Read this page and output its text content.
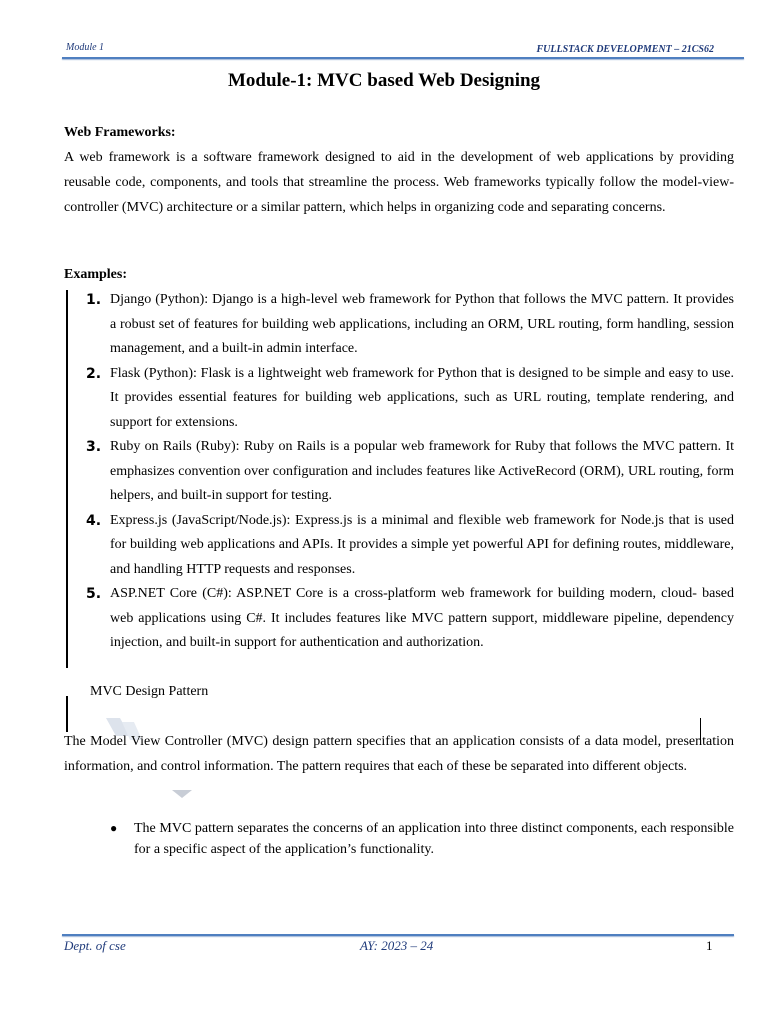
Module 1	FULLSTACK DEVELOPMENT – 21CS62
Module-1: MVC based Web Designing
Web Frameworks:
A web framework is a software framework designed to aid in the development of web applications by providing reusable code, components, and tools that streamline the process. Web frameworks typically follow the model-view-controller (MVC) architecture or a similar pattern, which helps in organizing code and separating concerns.
Examples:
1. Django (Python): Django is a high-level web framework for Python that follows the MVC pattern. It provides a robust set of features for building web applications, including an ORM, URL routing, form handling, session management, and a built-in admin interface.
2. Flask (Python): Flask is a lightweight web framework for Python that is designed to be simple and easy to use. It provides essential features for building web applications, such as URL routing, template rendering, and support for extensions.
3. Ruby on Rails (Ruby): Ruby on Rails is a popular web framework for Ruby that follows the MVC pattern. It emphasizes convention over configuration and includes features like ActiveRecord (ORM), URL routing, form helpers, and built-in support for testing.
4. Express.js (JavaScript/Node.js): Express.js is a minimal and flexible web framework for Node.js that is used for building web applications and APIs. It provides a simple yet powerful API for defining routes, middleware, and handling HTTP requests and responses.
5. ASP.NET Core (C#): ASP.NET Core is a cross-platform web framework for building modern, cloud- based web applications using C#. It includes features like MVC pattern support, middleware pipeline, dependency injection, and built-in support for authentication and authorization.
MVC Design Pattern
The Model View Controller (MVC) design pattern specifies that an application consists of a data model, presentation information, and control information. The pattern requires that each of these be separated into different objects.
●	The MVC pattern separates the concerns of an application into three distinct components, each responsible for a specific aspect of the application’s functionality.
Dept. of cse	AY: 2023 – 24	1
